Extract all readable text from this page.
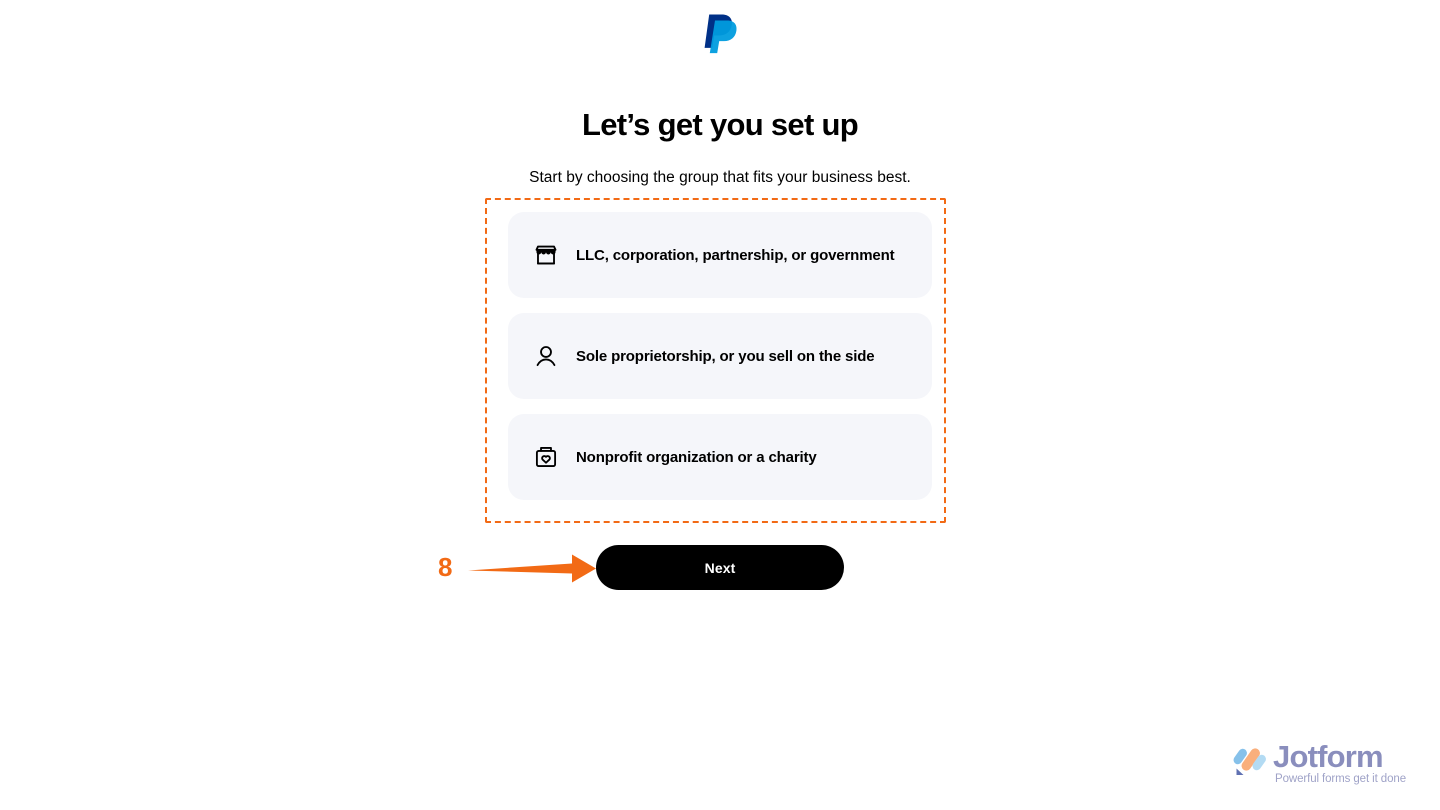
Let’s get you set up

Start by choosing the group that fits your business best.

LLC, corporation, partnership, or government
Sole proprietorship, or you sell on the side
Nonprofit organization or a charity
Next
8
Jotform
Powerful forms get it done
